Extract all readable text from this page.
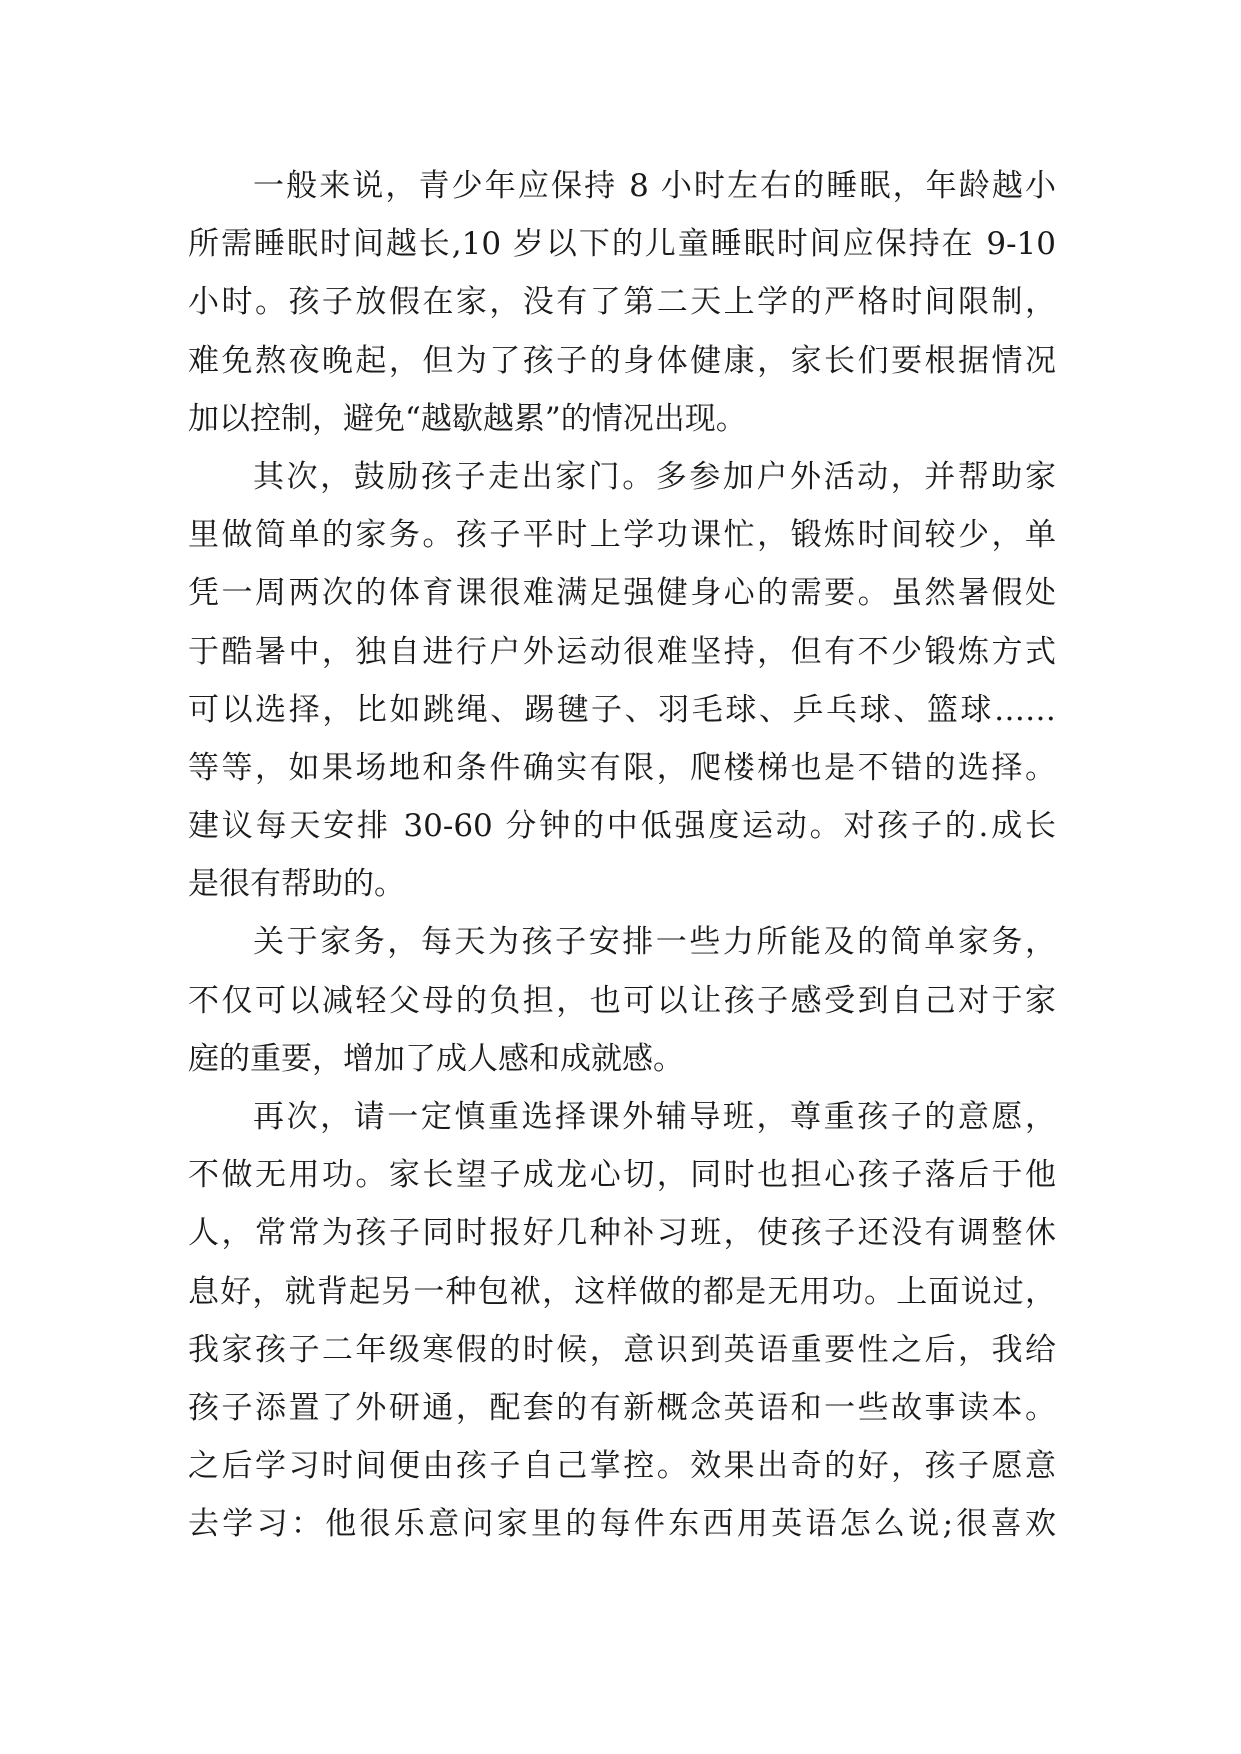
一般来说，青少年应保持 8 小时左右的睡眠，年龄越小
所需睡眠时间越长,10 岁以下的儿童睡眠时间应保持在 9-10
小时。孩子放假在家，没有了第二天上学的严格时间限制，
难免熬夜晚起，但为了孩子的身体健康，家长们要根据情况
加以控制，避免“越歇越累”的情况出现。
其次，鼓励孩子走出家门。多参加户外活动，并帮助家
里做简单的家务。孩子平时上学功课忙，锻炼时间较少，单
凭一周两次的体育课很难满足强健身心的需要。虽然暑假处
于酷暑中，独自进行户外运动很难坚持，但有不少锻炼方式
可以选择，比如跳绳、踢毽子、羽毛球、乒乓球、篮球……
等等，如果场地和条件确实有限，爬楼梯也是不错的选择。
建议每天安排 30-60 分钟的中低强度运动。对孩子的.成长
是很有帮助的。
关于家务，每天为孩子安排一些力所能及的简单家务，
不仅可以减轻父母的负担，也可以让孩子感受到自己对于家
庭的重要，增加了成人感和成就感。
再次，请一定慎重选择课外辅导班，尊重孩子的意愿，
不做无用功。家长望子成龙心切，同时也担心孩子落后于他
人，常常为孩子同时报好几种补习班，使孩子还没有调整休
息好，就背起另一种包袱，这样做的都是无用功。上面说过，
我家孩子二年级寒假的时候，意识到英语重要性之后，我给
孩子添置了外研通，配套的有新概念英语和一些故事读本。
之后学习时间便由孩子自己掌控。效果出奇的好，孩子愿意
去学习：他很乐意问家里的每件东西用英语怎么说;很喜欢
